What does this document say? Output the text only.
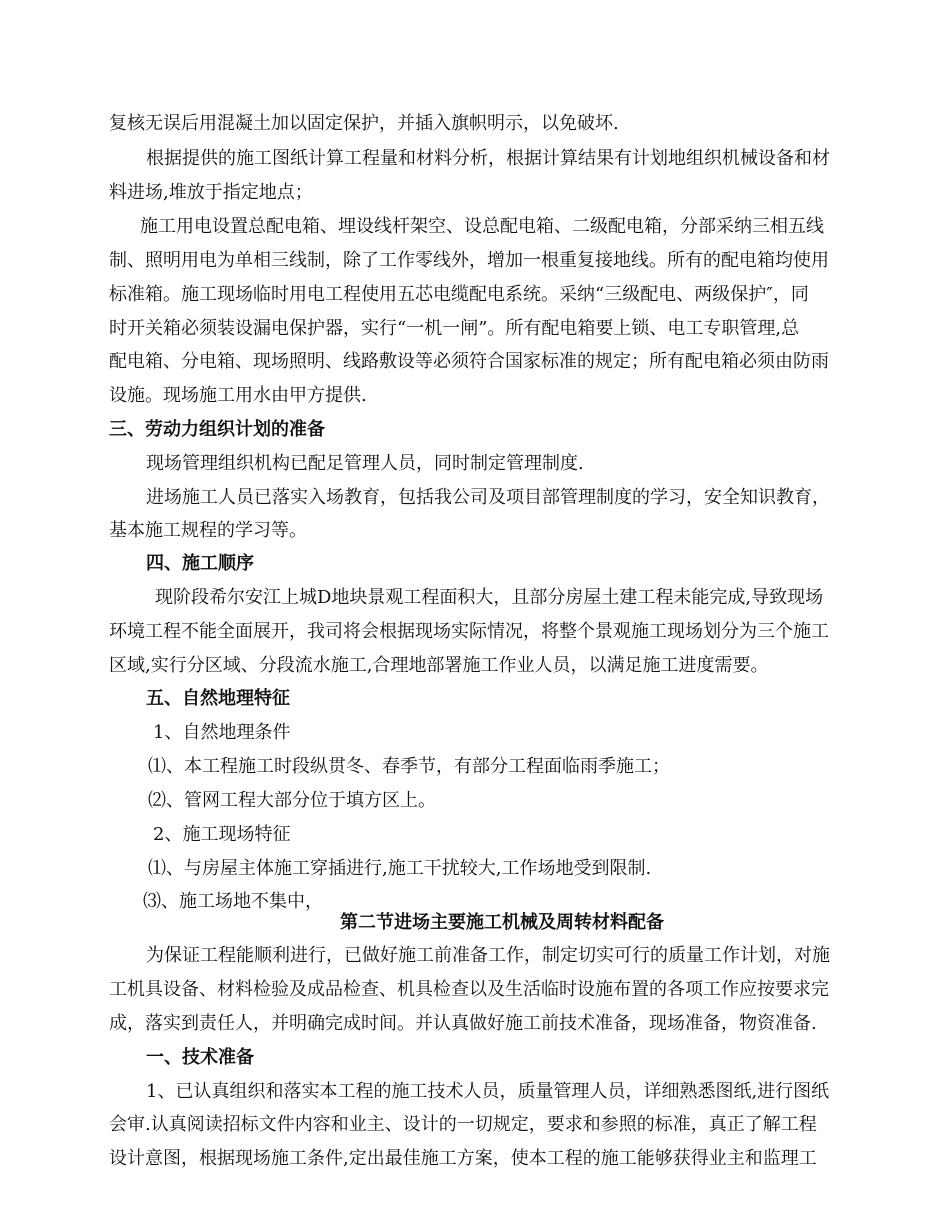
复核无误后用混凝土加以固定保护，并插入旗帜明示，以免破坏.
根据提供的施工图纸计算工程量和材料分析，根据计算结果有计划地组织机械设备和材
料进场,堆放于指定地点；
施工用电设置总配电箱、埋设线杆架空、设总配电箱、二级配电箱，分部采纳三相五线
制、照明用电为单相三线制，除了工作零线外，增加一根重复接地线。所有的配电箱均使用
标准箱。施工现场临时用电工程使用五芯电缆配电系统。采纳“三级配电、两级保护″，同
时开关箱必须装设漏电保护器，实行“一机一闸”。所有配电箱要上锁、电工专职管理,总
配电箱、分电箱、现场照明、线路敷设等必须符合国家标准的规定；所有配电箱必须由防雨
设施。现场施工用水由甲方提供.
三、劳动力组织计划的准备
现场管理组织机构已配足管理人员，同时制定管理制度.
进场施工人员已落实入场教育，包括我公司及项目部管理制度的学习，安全知识教育，
基本施工规程的学习等。
四、施工顺序
现阶段希尔安江上城D地块景观工程面积大，且部分房屋土建工程未能完成,导致现场
环境工程不能全面展开，我司将会根据现场实际情况，将整个景观施工现场划分为三个施工
区域,实行分区域、分段流水施工,合理地部署施工作业人员，以满足施工进度需要。
五、自然地理特征
1、自然地理条件
⑴、本工程施工时段纵贯冬、春季节，有部分工程面临雨季施工；
⑵、管网工程大部分位于填方区上。
2、施工现场特征
⑴、与房屋主体施工穿插进行,施工干扰较大,工作场地受到限制.
⑶、施工场地不集中，
第二节进场主要施工机械及周转材料配备
为保证工程能顺利进行，已做好施工前准备工作，制定切实可行的质量工作计划，对施
工机具设备、材料检验及成品检查、机具检查以及生活临时设施布置的各项工作应按要求完
成，落实到责任人，并明确完成时间。并认真做好施工前技术准备，现场准备，物资准备.
一、技术准备
1、已认真组织和落实本工程的施工技术人员，质量管理人员，详细熟悉图纸,进行图纸
会审.认真阅读招标文件内容和业主、设计的一切规定，要求和参照的标准，真正了解工程
设计意图，根据现场施工条件,定出最佳施工方案，使本工程的施工能够获得业主和监理工
